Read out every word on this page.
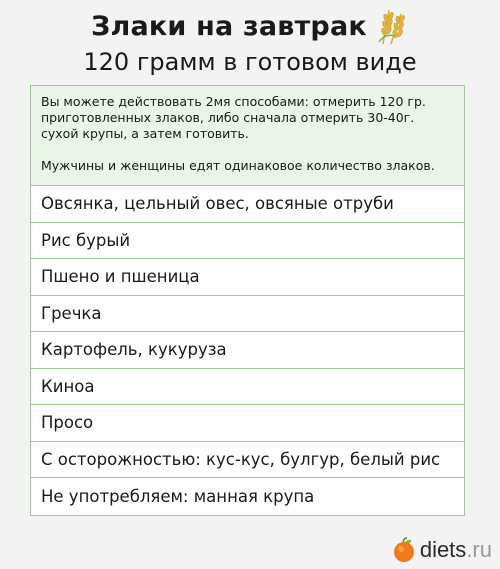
Злаки на завтрак
120 грамм в готовом виде

Вы можете действовать 2мя способами: отмерить 120 гр. приготовленных злаков, либо сначала отмерить 30-40г. сухой крупы, а затем готовить.

Мужчины и женщины едят одинаковое количество злаков.

Овсянка, цельный овес, овсяные отруби
Рис бурый
Пшено и пшеница
Гречка
Картофель, кукуруза
Киноа
Просо
С осторожностью: кус-кус, булгур, белый рис
Не употребляем: манная крупа
diets.ru
